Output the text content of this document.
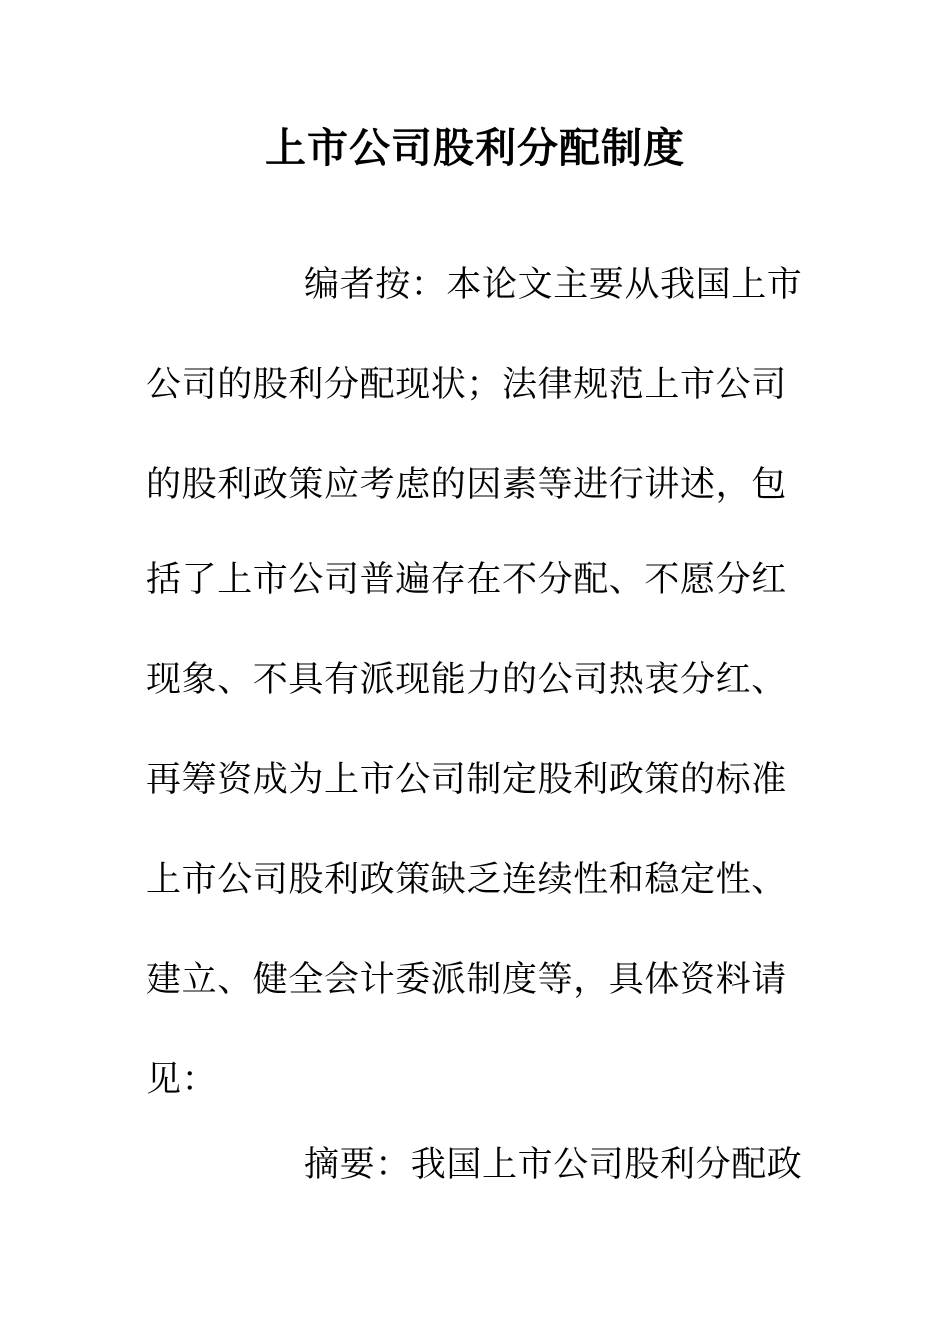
上市公司股利分配制度
编者按：本论文主要从我国上市
公司的股利分配现状；法律规范上市公司
的股利政策应考虑的因素等进行讲述，包
括了上市公司普遍存在不分配、不愿分红
现象、不具有派现能力的公司热衷分红、
再筹资成为上市公司制定股利政策的标准
上市公司股利政策缺乏连续性和稳定性、
建立、健全会计委派制度等，具体资料请
见：
摘要：我国上市公司股利分配政
